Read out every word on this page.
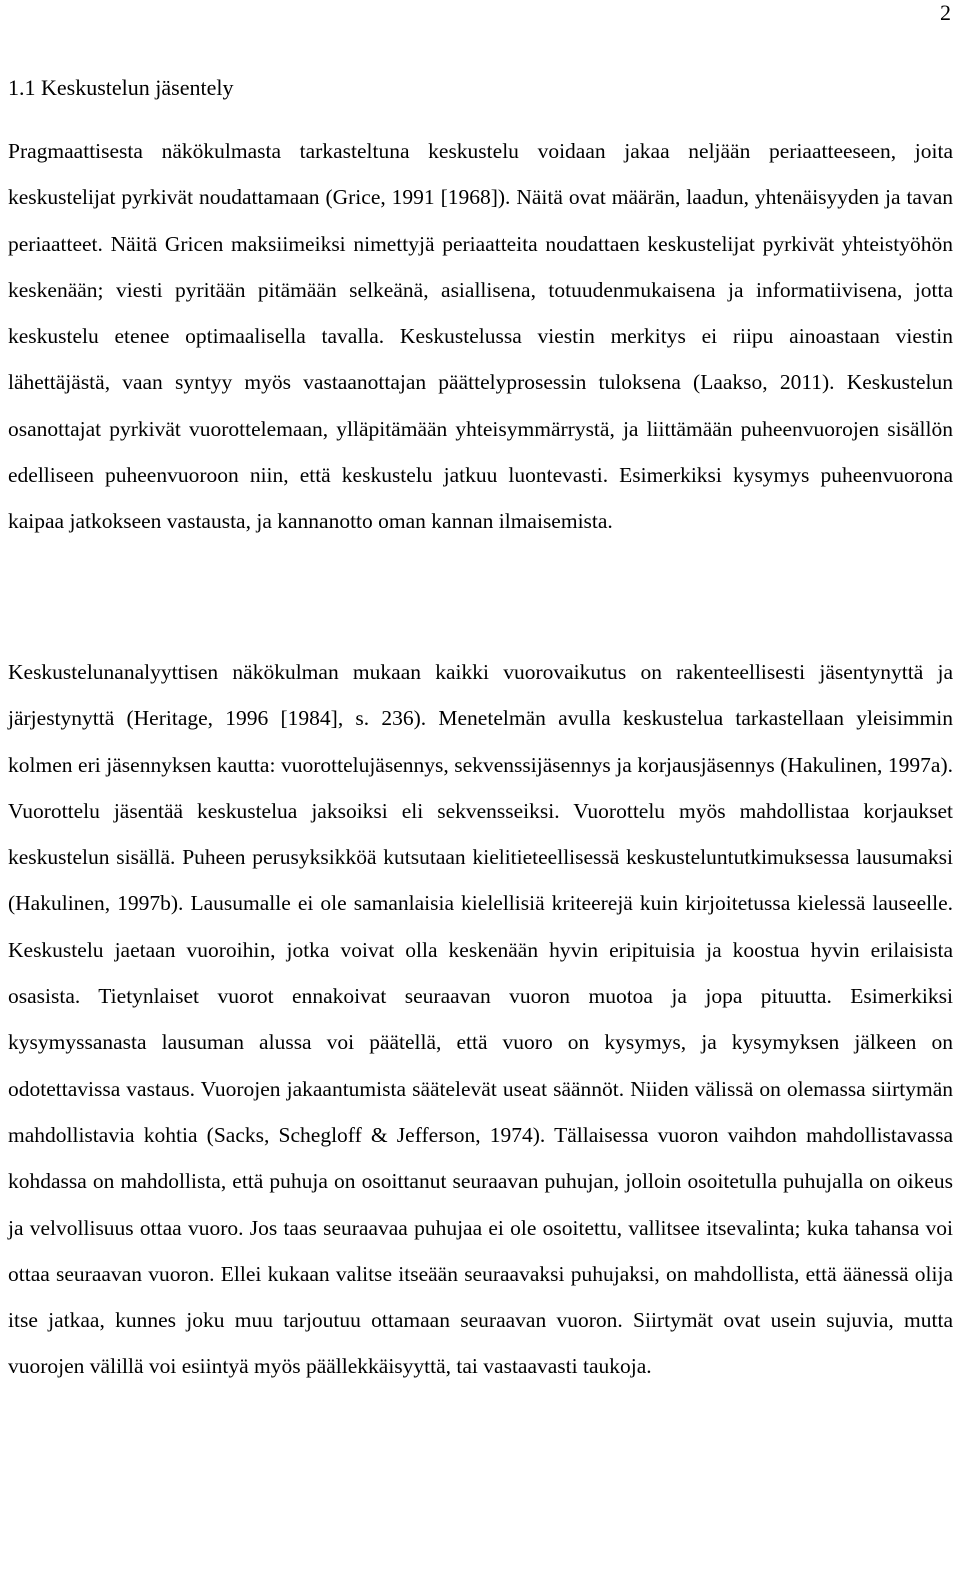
2
1.1 Keskustelun jäsentely

Pragmaattisesta näkökulmasta tarkasteltuna keskustelu voidaan jakaa neljään periaatteeseen, joita keskustelijat pyrkivät noudattamaan (Grice, 1991 [1968]). Näitä ovat määrän, laadun, yhtenäisyyden ja tavan periaatteet. Näitä Gricen maksiimeiksi nimettyjä periaatteita noudattaen keskustelijat pyrkivät yhteistyöhön keskenään; viesti pyritään pitämään selkeänä, asiallisena, totuudenmukaisena ja informatiivisena, jotta keskustelu etenee optimaalisella tavalla. Keskustelussa viestin merkitys ei riipu ainoastaan viestin lähettäjästä, vaan syntyy myös vastaanottajan päättelyprosessin tuloksena (Laakso, 2011). Keskustelun osanottajat pyrkivät vuorottelemaan, ylläpitämään yhteisymmärrystä, ja liittämään puheenvuorojen sisällön edelliseen puheenvuoroon niin, että keskustelu jatkuu luontevasti. Esimerkiksi kysymys puheenvuorona kaipaa jatkokseen vastausta, ja kannanotto oman kannan ilmaisemista.

Keskustelunanalyyttisen näkökulman mukaan kaikki vuorovaikutus on rakenteellisesti jäsentynyttä ja järjestynyttä (Heritage, 1996 [1984], s. 236). Menetelmän avulla keskustelua tarkastellaan yleisimmin kolmen eri jäsennyksen kautta: vuorottelujäsennys, sekvenssijäsennys ja korjausjäsennys (Hakulinen, 1997a). Vuorottelu jäsentää keskustelua jaksoiksi eli sekvensseiksi. Vuorottelu myös mahdollistaa korjaukset keskustelun sisällä. Puheen perusyksikköä kutsutaan kielitieteellisessä keskusteluntutkimuksessa lausumaksi (Hakulinen, 1997b). Lausumalle ei ole samanlaisia kielellisiä kriteerejä kuin kirjoitetussa kielessä lauseelle. Keskustelu jaetaan vuoroihin, jotka voivat olla keskenään hyvin eripituisia ja koostua hyvin erilaisista osasista. Tietynlaiset vuorot ennakoivat seuraavan vuoron muotoa ja jopa pituutta. Esimerkiksi kysymyssanasta lausuman alussa voi päätellä, että vuoro on kysymys, ja kysymyksen jälkeen on odotettavissa vastaus. Vuorojen jakaantumista säätelevät useat säännöt. Niiden välissä on olemassa siirtymän mahdollistavia kohtia (Sacks, Schegloff & Jefferson, 1974). Tällaisessa vuoron vaihdon mahdollistavassa kohdassa on mahdollista, että puhuja on osoittanut seuraavan puhujan, jolloin osoitetulla puhujalla on oikeus ja velvollisuus ottaa vuoro. Jos taas seuraavaa puhujaa ei ole osoitettu, vallitsee itsevalinta; kuka tahansa voi ottaa seuraavan vuoron. Ellei kukaan valitse itseään seuraavaksi puhujaksi, on mahdollista, että äänessä olija itse jatkaa, kunnes joku muu tarjoutuu ottamaan seuraavan vuoron. Siirtymät ovat usein sujuvia, mutta vuorojen välillä voi esiintyä myös päällekkäisyyttä, tai vastaavasti taukoja.
